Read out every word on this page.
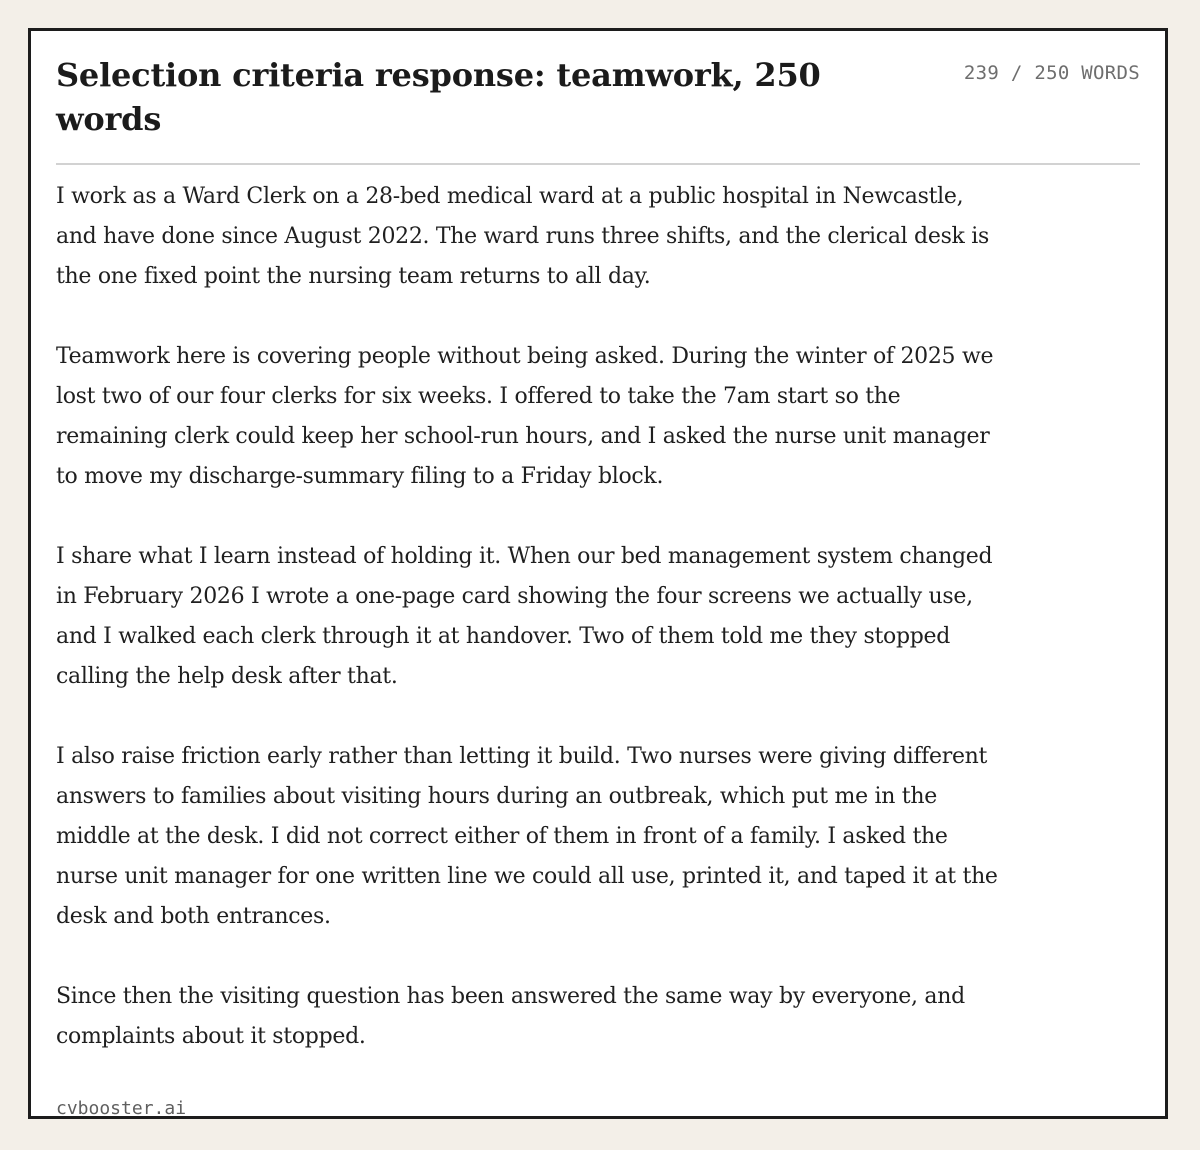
Selection criteria response: teamwork, 250 words
239 / 250 WORDS

I work as a Ward Clerk on a 28-bed medical ward at a public hospital in Newcastle, and have done since August 2022. The ward runs three shifts, and the clerical desk is the one fixed point the nursing team returns to all day.

Teamwork here is covering people without being asked. During the winter of 2025 we lost two of our four clerks for six weeks. I offered to take the 7am start so the remaining clerk could keep her school-run hours, and I asked the nurse unit manager to move my discharge-summary filing to a Friday block.

I share what I learn instead of holding it. When our bed management system changed in February 2026 I wrote a one-page card showing the four screens we actually use, and I walked each clerk through it at handover. Two of them told me they stopped calling the help desk after that.

I also raise friction early rather than letting it build. Two nurses were giving different answers to families about visiting hours during an outbreak, which put me in the middle at the desk. I did not correct either of them in front of a family. I asked the nurse unit manager for one written line we could all use, printed it, and taped it at the desk and both entrances.

Since then the visiting question has been answered the same way by everyone, and complaints about it stopped.

cvbooster.ai
